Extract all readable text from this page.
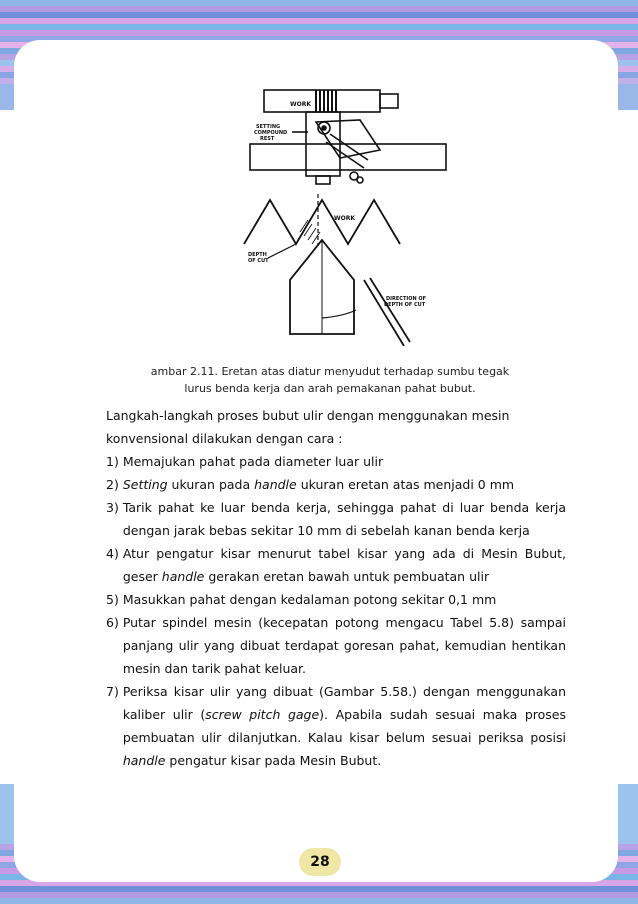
WORK
SETTING
COMPOUND
REST
WORK
DEPTH
OF CUT
DIRECTION OF
DEPTH OF CUT
ambar 2.11. Eretan atas diatur menyudut terhadap sumbu tegak
lurus benda kerja dan arah pemakanan pahat bubut.

Langkah-langkah proses bubut ulir dengan menggunakan mesin

konvensional dilakukan dengan cara :

1) Memajukan pahat pada diameter luar ulir
2) Setting ukuran pada handle ukuran eretan atas menjadi 0 mm
3) Tarik pahat ke luar benda kerja, sehingga pahat di luar benda kerja dengan jarak bebas sekitar 10 mm di sebelah kanan benda kerja
4) Atur pengatur kisar menurut tabel kisar yang ada di Mesin Bubut, geser handle gerakan eretan bawah untuk pembuatan ulir
5) Masukkan pahat dengan kedalaman potong sekitar 0,1 mm
6) Putar spindel mesin (kecepatan potong mengacu Tabel 5.8) sampai panjang ulir yang dibuat terdapat goresan pahat, kemudian hentikan mesin dan tarik pahat keluar.
7) Periksa kisar ulir yang dibuat (Gambar 5.58.) dengan menggunakan kaliber ulir (screw pitch gage). Apabila sudah sesuai maka proses pembuatan ulir dilanjutkan. Kalau kisar belum sesuai periksa posisi handle pengatur kisar pada Mesin Bubut.
28
